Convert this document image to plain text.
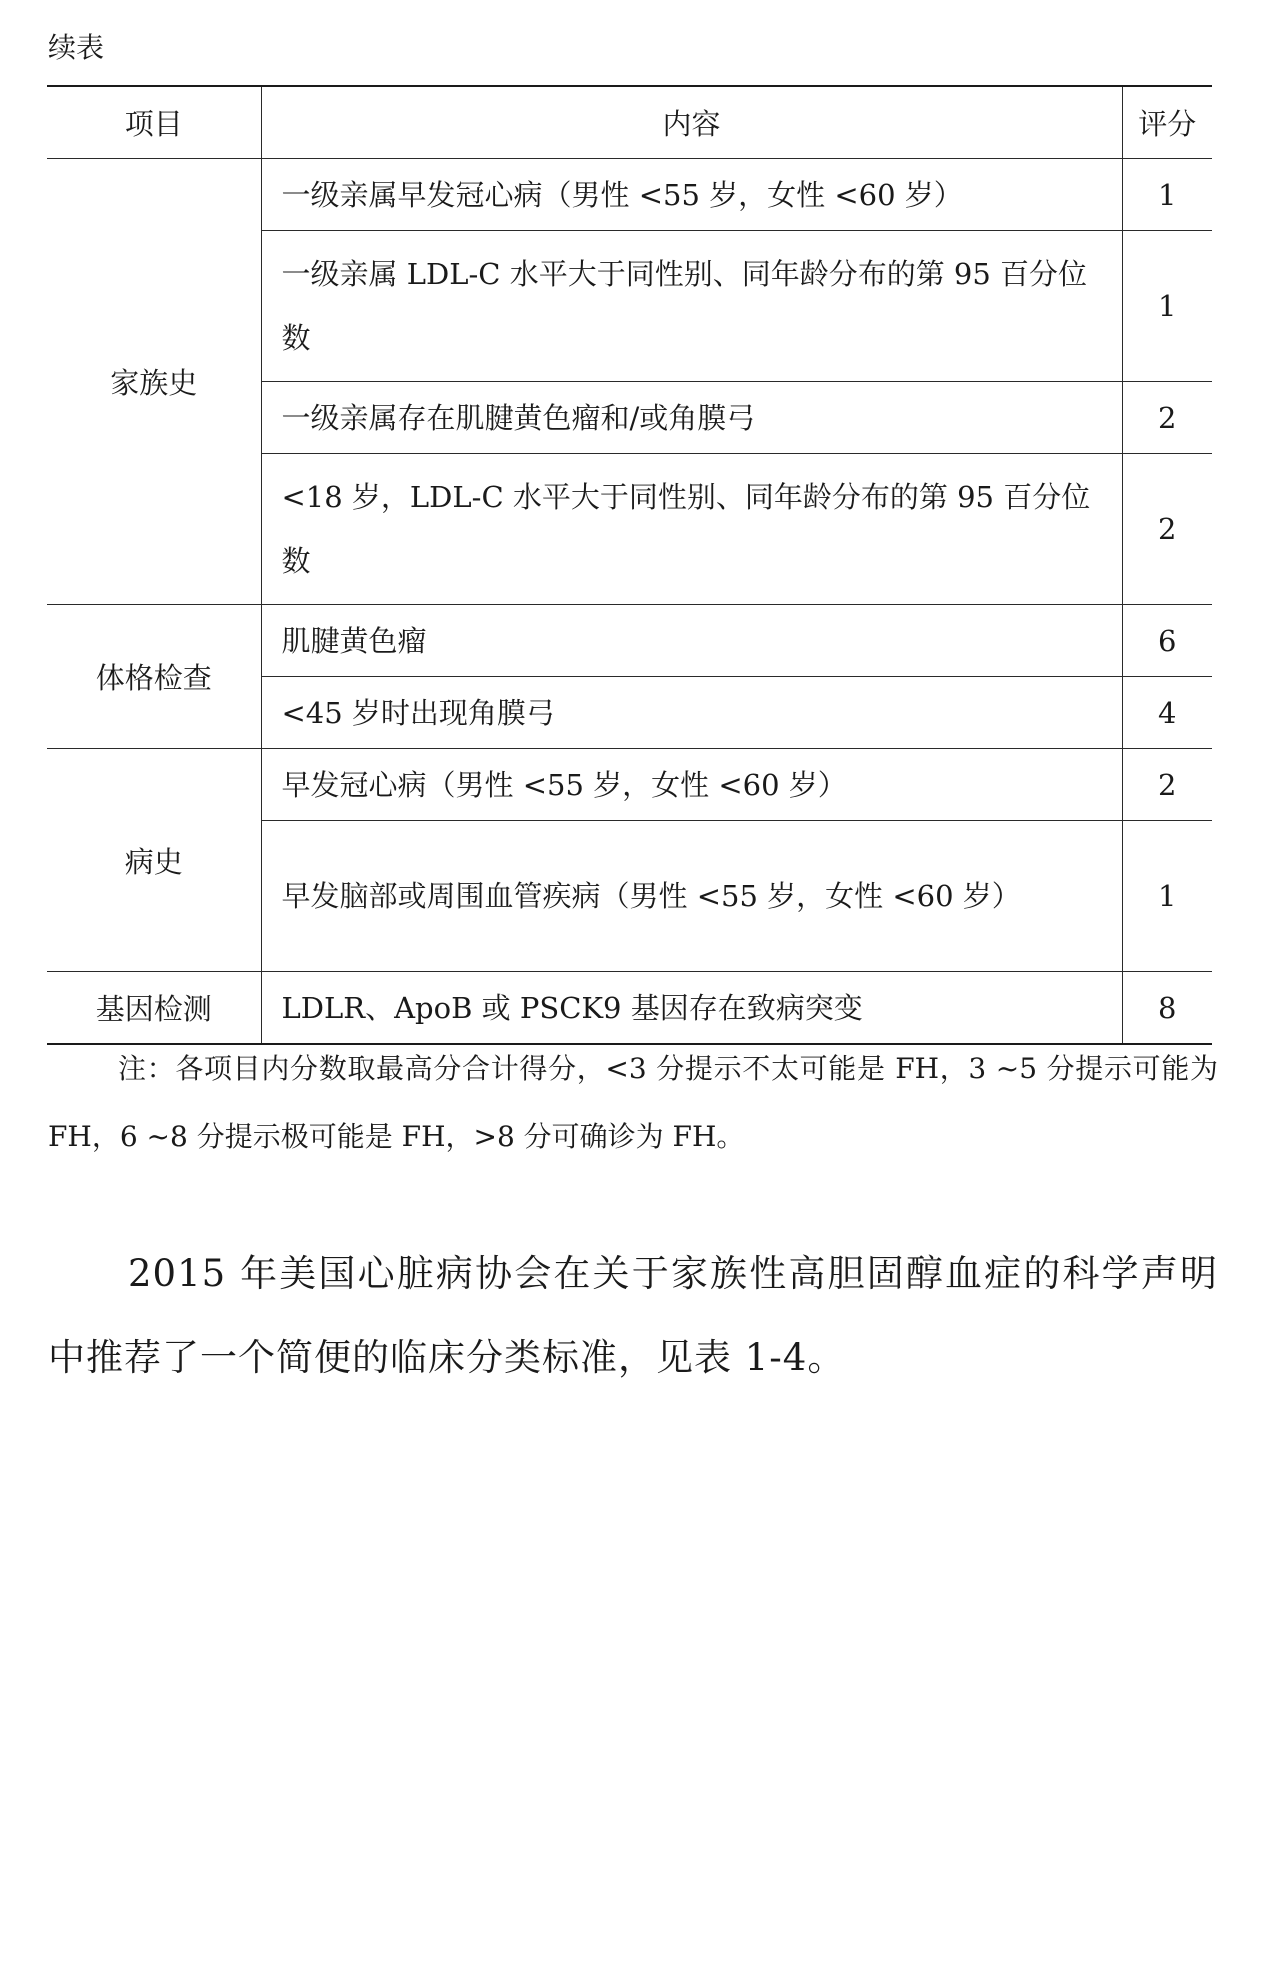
续表
项目	内容	评分
家族史	一级亲属早发冠心病（男性 <55 岁，女性 <60 岁）	1
	一级亲属 LDL-C 水平大于同性别、同年龄分布的第 95 百分位数	1
	一级亲属存在肌腱黄色瘤和/或角膜弓	2
	<18 岁，LDL-C 水平大于同性别、同年龄分布的第 95 百分位数	2
体格检查	肌腱黄色瘤	6
	<45 岁时出现角膜弓	4
病史	早发冠心病（男性 <55 岁，女性 <60 岁）	2
	早发脑部或周围血管疾病（男性 <55 岁，女性 <60 岁）	1
基因检测	LDLR、ApoB 或 PSCK9 基因存在致病突变	8
注：各项目内分数取最高分合计得分，<3 分提示不太可能是 FH，3 ~5 分提示可能为 FH，6 ~8 分提示极可能是 FH，>8 分可确诊为 FH。
2015 年美国心脏病协会在关于家族性高胆固醇血症的科学声明中推荐了一个简便的临床分类标准，见表 1-4。
